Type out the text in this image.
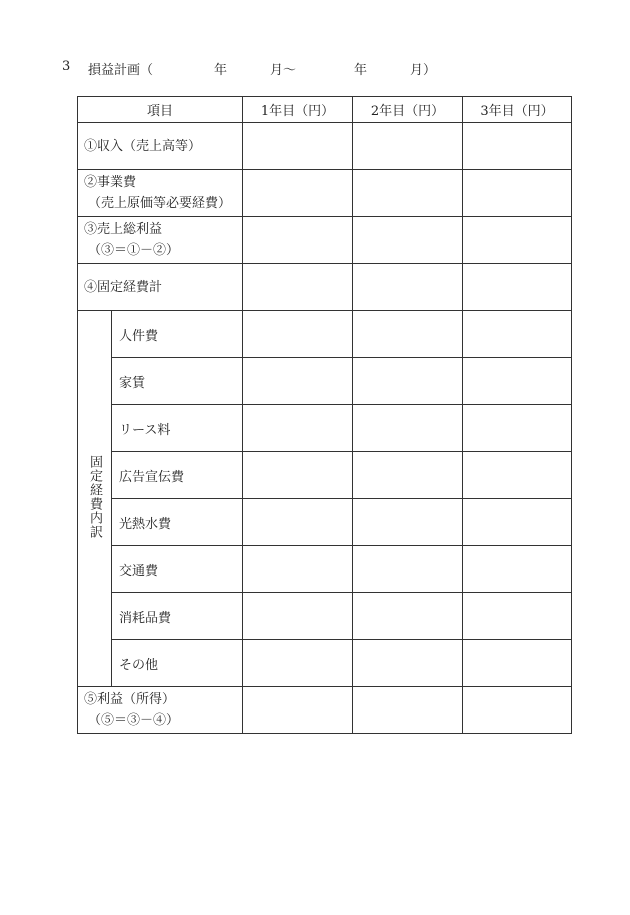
3 損益計画（	年	月～	年	月）
項目		1年目（円）	2年目（円）	3年目（円）
①収入（売上高等）				
②事業費
（売上原価等必要経費）				

③売上総利益
（③＝①－②）				

④固定経費計				
固定経費内訳	人件費			
	家賃			
	リース料			
	広告宣伝費			
	光熱水費			
	交通費			
	消耗品費			
	その他			
⑤利益（所得）
（⑤＝③－④）				
